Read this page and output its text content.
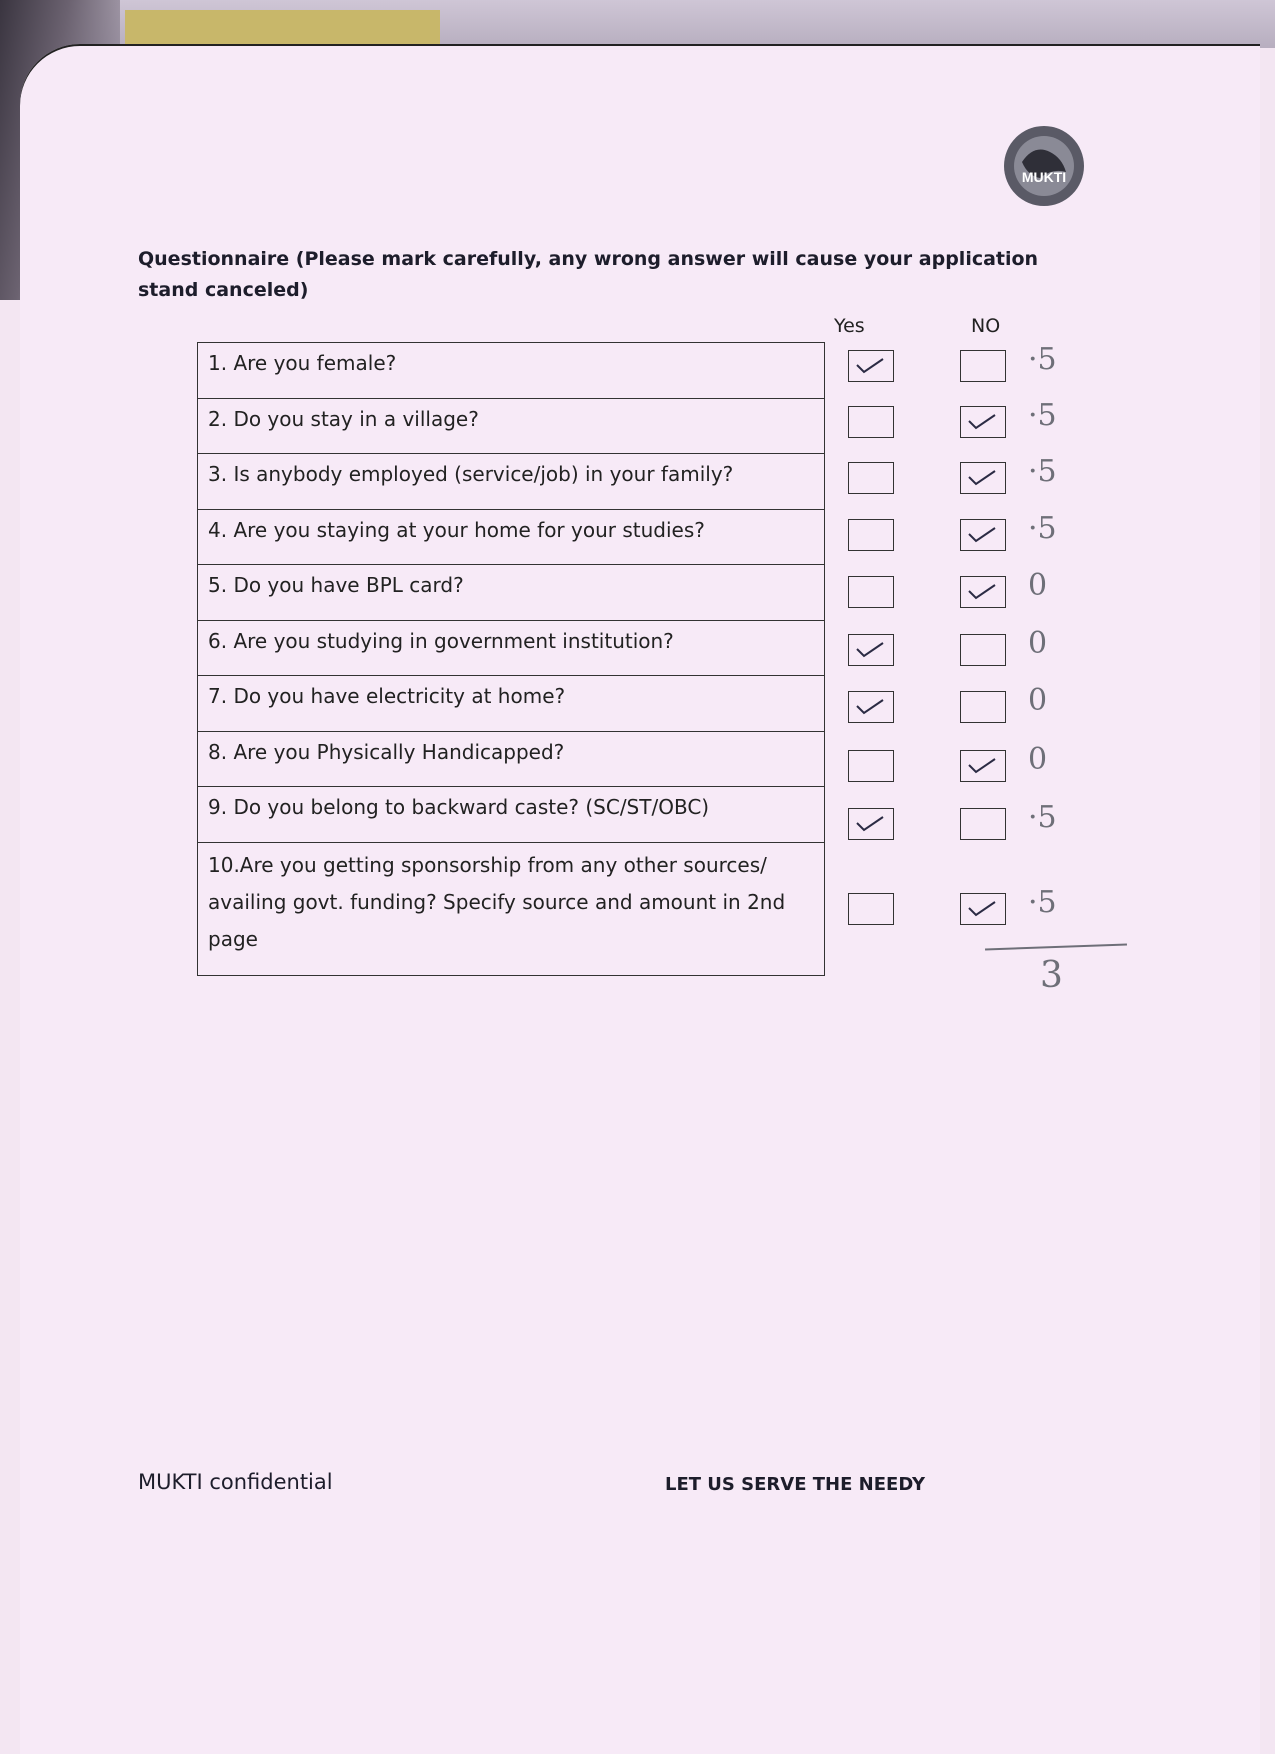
MUKTI
Questionnaire (Please mark carefully, any wrong answer will cause your application stand canceled)
Yes	NO
1. Are you female?
2. Do you stay in a village?
3. Is anybody employed (service/job) in your family?
4. Are you staying at your home for your studies?
5. Do you have BPL card?
6. Are you studying in government institution?
7. Do you have electricity at home?
8. Are you Physically Handicapped?
9. Do you belong to backward caste? (SC/ST/OBC)
10.Are you getting sponsorship from any other sources/ availing govt. funding? Specify source and amount in 2nd page
·5
·5
·5
·5
0
0
0
0
·5
·5
3
MUKTI confidential	LET US SERVE THE NEEDY
